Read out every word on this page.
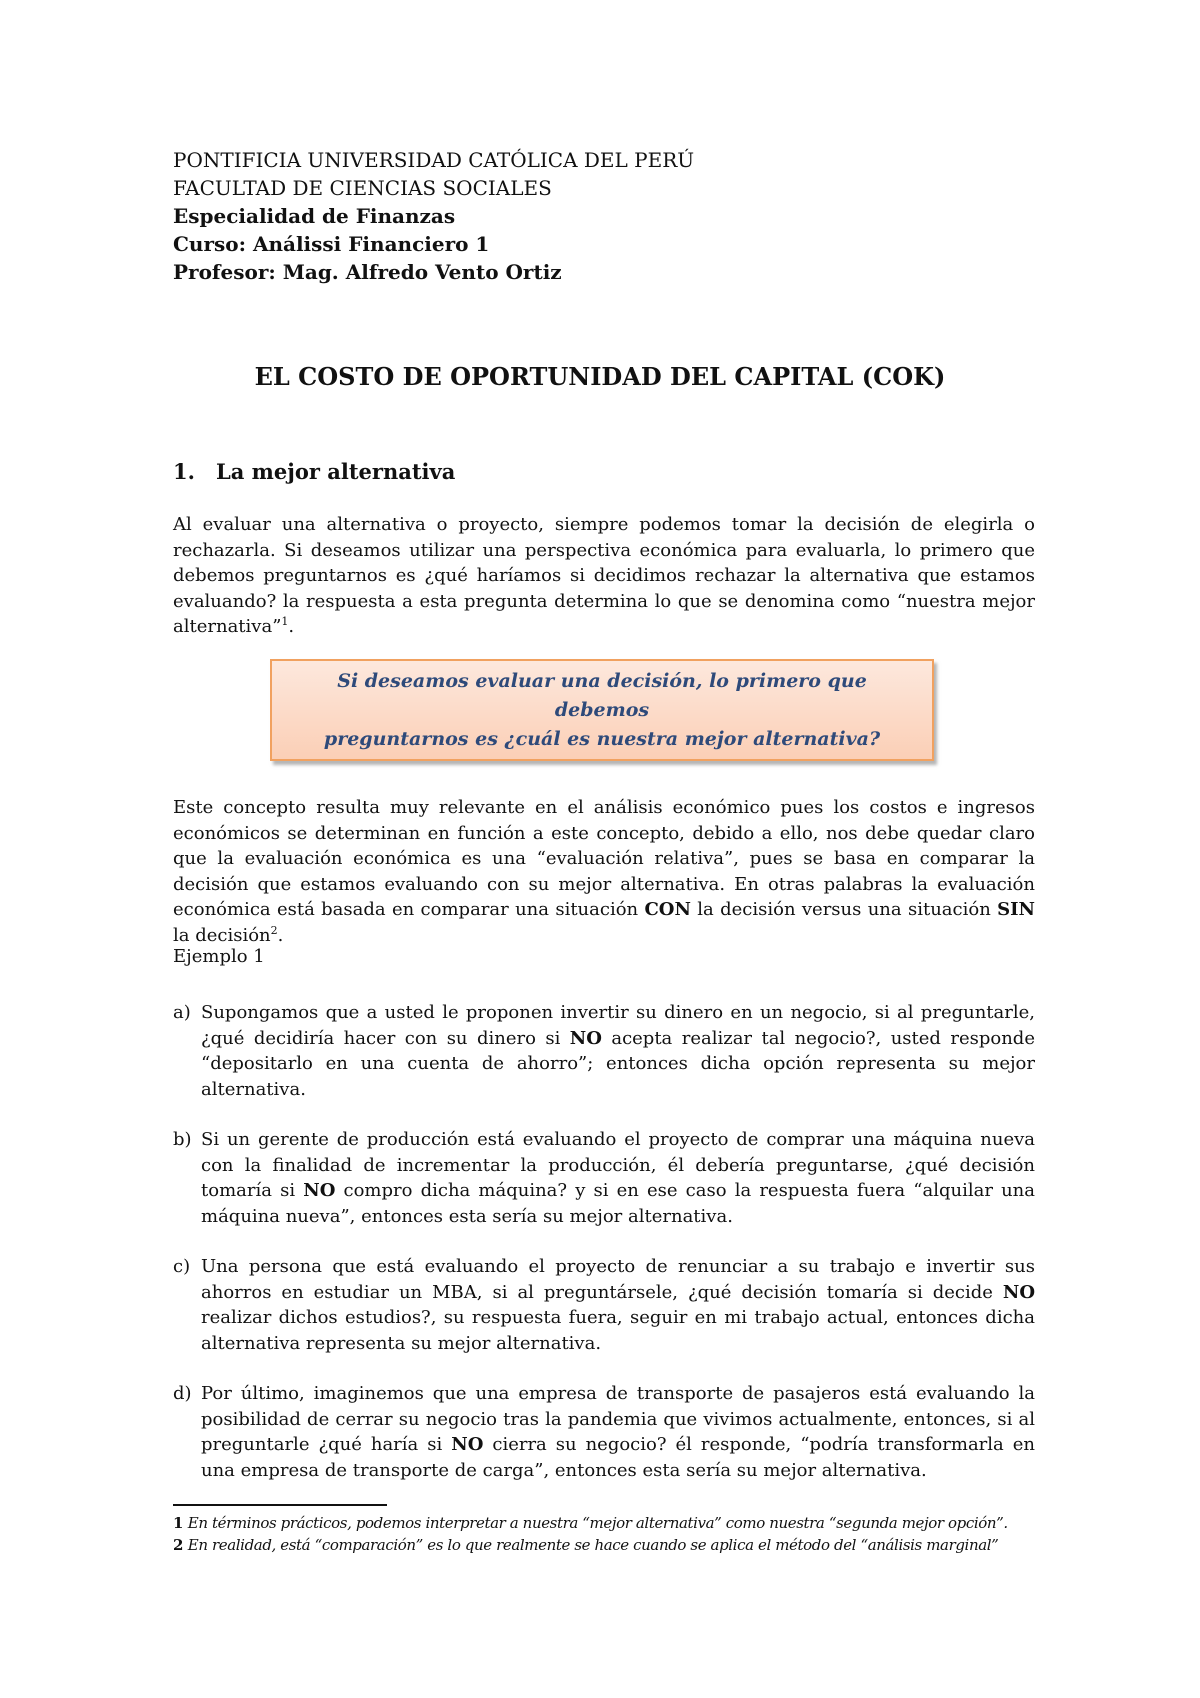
PONTIFICIA UNIVERSIDAD CATÓLICA DEL PERÚ
FACULTAD DE CIENCIAS SOCIALES
Especialidad de Finanzas
Curso: Análissi Financiero 1
Profesor: Mag. Alfredo Vento Ortiz
EL COSTO DE OPORTUNIDAD DEL CAPITAL (COK)
1. La mejor alternativa

Al evaluar una alternativa o proyecto, siempre podemos tomar la decisión de elegirla o rechazarla. Si deseamos utilizar una perspectiva económica para evaluarla, lo primero que debemos preguntarnos es ¿qué haríamos si decidimos rechazar la alternativa que estamos evaluando? la respuesta a esta pregunta determina lo que se denomina como “nuestra mejor alternativa”$^1$.

Si deseamos evaluar una decisión, lo primero que debemos
preguntarnos es ¿cuál es nuestra mejor alternativa?

Este concepto resulta muy relevante en el análisis económico pues los costos e ingresos económicos se determinan en función a este concepto, debido a ello, nos debe quedar claro que la evaluación económica es una “evaluación relativa”, pues se basa en comparar la decisión que estamos evaluando con su mejor alternativa. En otras palabras la evaluación económica está basada en comparar una situación CON la decisión versus una situación SIN la decisión$^2$.

Ejemplo 1
a) Supongamos que a usted le proponen invertir su dinero en un negocio, si al preguntarle, ¿qué decidiría hacer con su dinero si NO acepta realizar tal negocio?, usted responde “depositarlo en una cuenta de ahorro”; entonces dicha opción representa su mejor alternativa.
b) Si un gerente de producción está evaluando el proyecto de comprar una máquina nueva con la finalidad de incrementar la producción, él debería preguntarse, ¿qué decisión tomaría si NO compro dicha máquina? y si en ese caso la respuesta fuera “alquilar una máquina nueva”, entonces esta sería su mejor alternativa.
c) Una persona que está evaluando el proyecto de renunciar a su trabajo e invertir sus ahorros en estudiar un MBA, si al preguntársele, ¿qué decisión tomaría si decide NO realizar dichos estudios?, su respuesta fuera, seguir en mi trabajo actual, entonces dicha alternativa representa su mejor alternativa.
d) Por último, imaginemos que una empresa de transporte de pasajeros está evaluando la posibilidad de cerrar su negocio tras la pandemia que vivimos actualmente, entonces, si al preguntarle ¿qué haría si NO cierra su negocio? él responde, “podría transformarla en una empresa de transporte de carga”, entonces esta sería su mejor alternativa.
1 En términos prácticos, podemos interpretar a nuestra “mejor alternativa” como nuestra “segunda mejor opción”.
2 En realidad, está “comparación” es lo que realmente se hace cuando se aplica el método del “análisis marginal”
